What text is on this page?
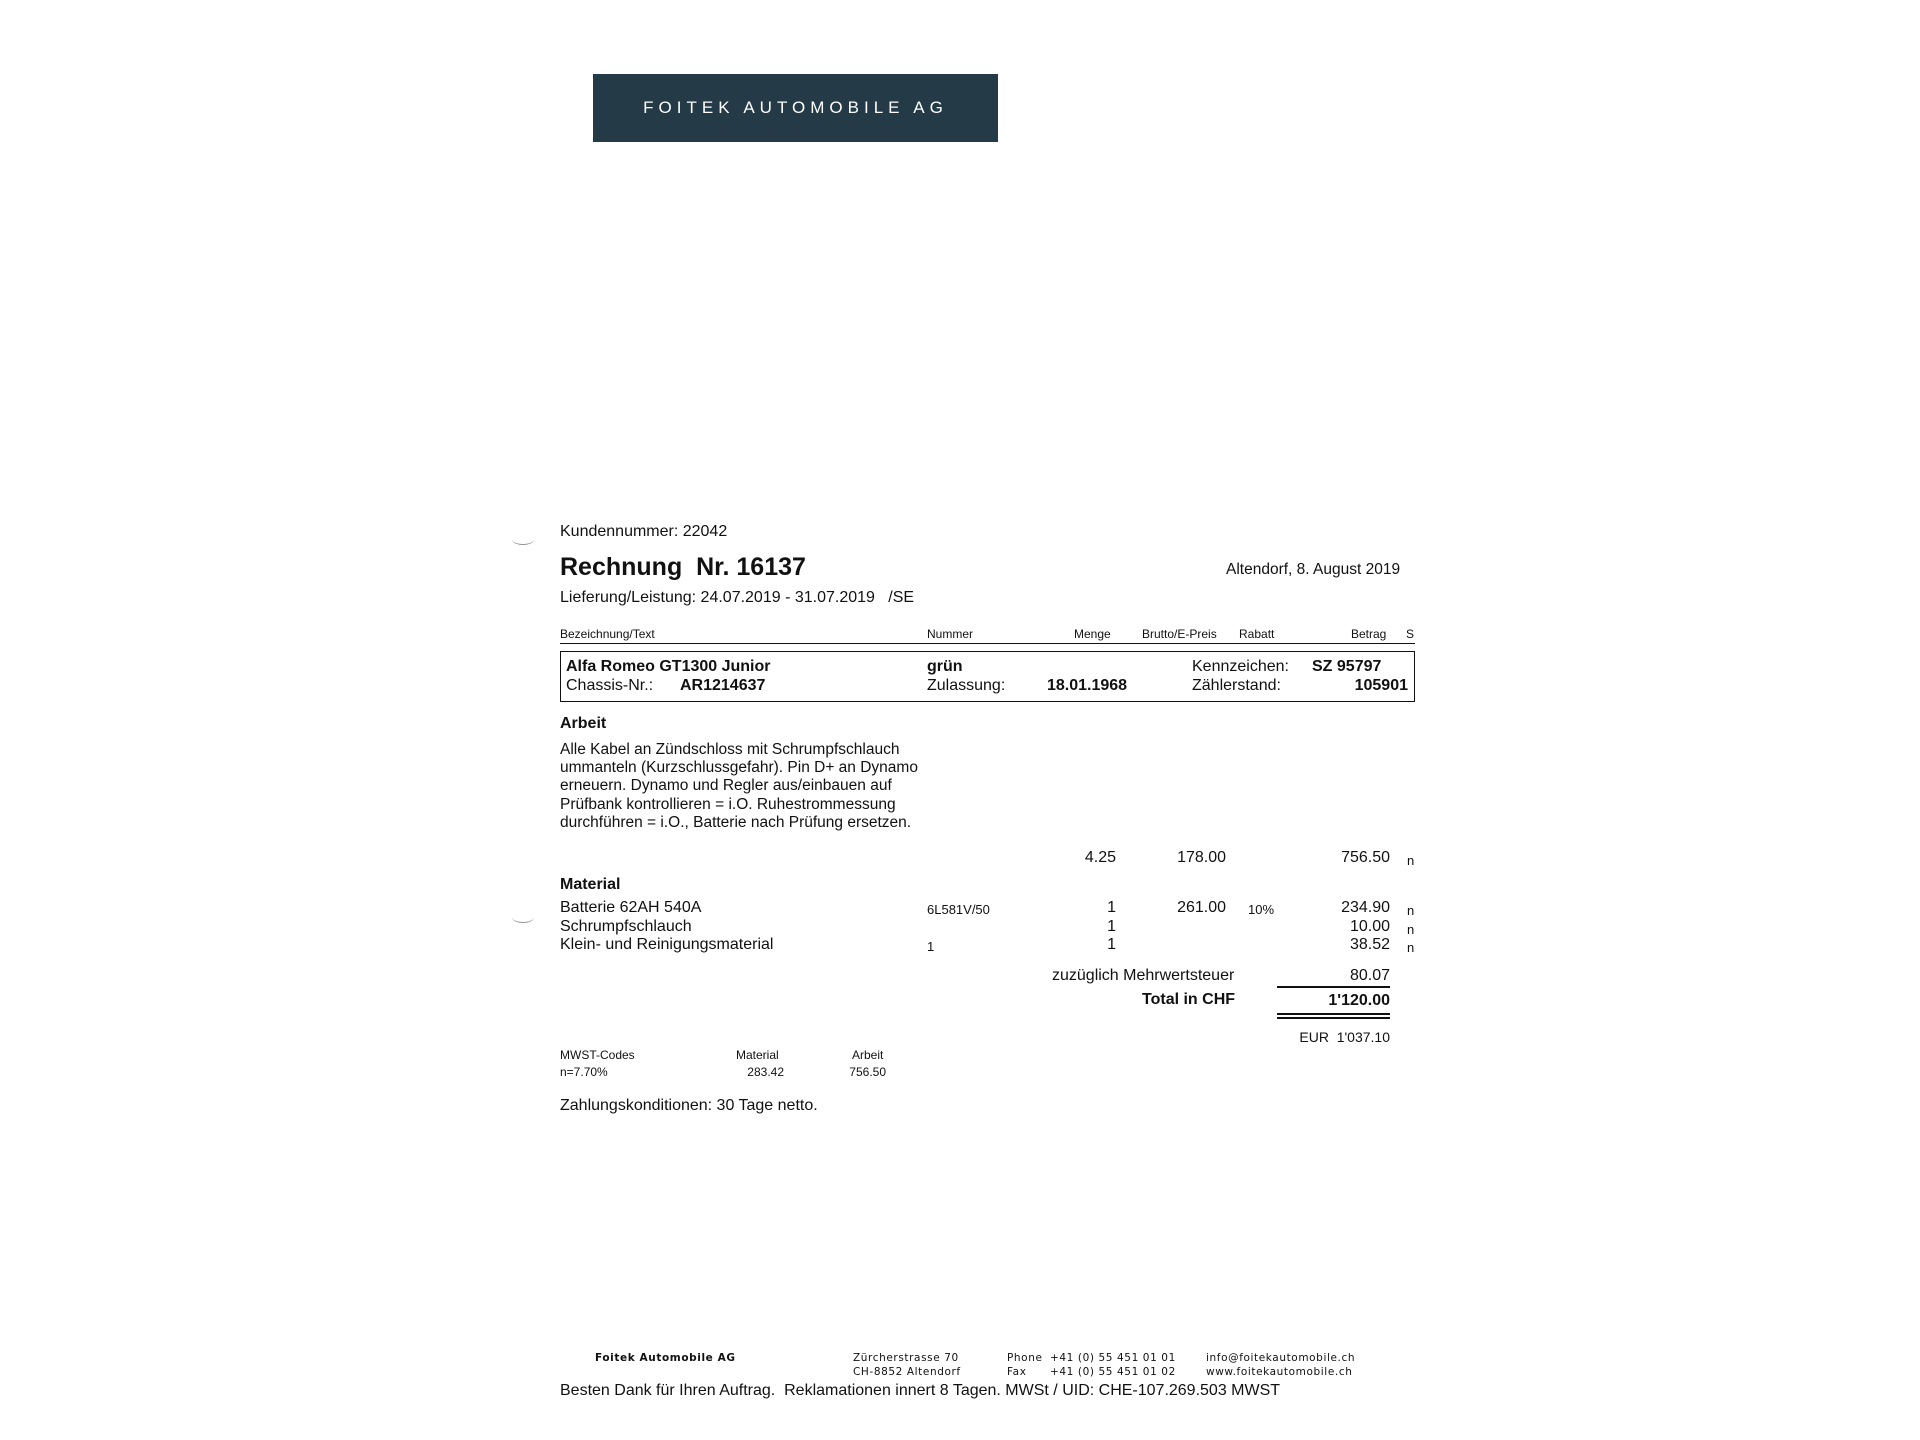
FOITEK AUTOMOBILE AG
Kundennummer: 22042
Rechnung  Nr. 16137	Altendorf, 8. August 2019
Lieferung/Leistung: 24.07.2019 - 31.07.2019   /SE
Bezeichnung/Text	Nummer	Menge	Brutto/E-Preis Rabatt	Betrag S
Alfa Romeo GT1300 Junior	grün	Kennzeichen: SZ 95797
Chassis-Nr.: AR1214637	Zulassung:	18.01.1968	Zählerstand:	105901
Arbeit
Alle Kabel an Zündschloss mit Schrumpfschlauch ummanteln (Kurzschlussgefahr). Pin D+ an Dynamo erneuern. Dynamo und Regler aus/einbauen auf Prüfbank kontrollieren = i.O. Ruhestrommessung durchführen = i.O., Batterie nach Prüfung ersetzen.
4.25	178.00	756.50 n
Material
Batterie 62AH 540A	6L581V/50	1	261.00 10%	234.90 n
Schrumpfschlauch	1	10.00 n
Klein- und Reinigungsmaterial	1	1	38.52 n
zuzüglich Mehrwertsteuer	80.07
Total in CHF	1'120.00
EUR  1'037.10
MWST-Codes	Material	Arbeit
n=7.70%	283.42	756.50
Zahlungskonditionen: 30 Tage netto.
Foitek Automobile AG	Zürcherstrasse 70
CH-8852 Altendorf
Phone +41 (0) 55 451 01 01
Fax +41 (0) 55 451 01 02
info@foitekautomobile.ch
www.foitekautomobile.ch
Besten Dank für Ihren Auftrag.  Reklamationen innert 8 Tagen. MWSt / UID: CHE-107.269.503 MWST
